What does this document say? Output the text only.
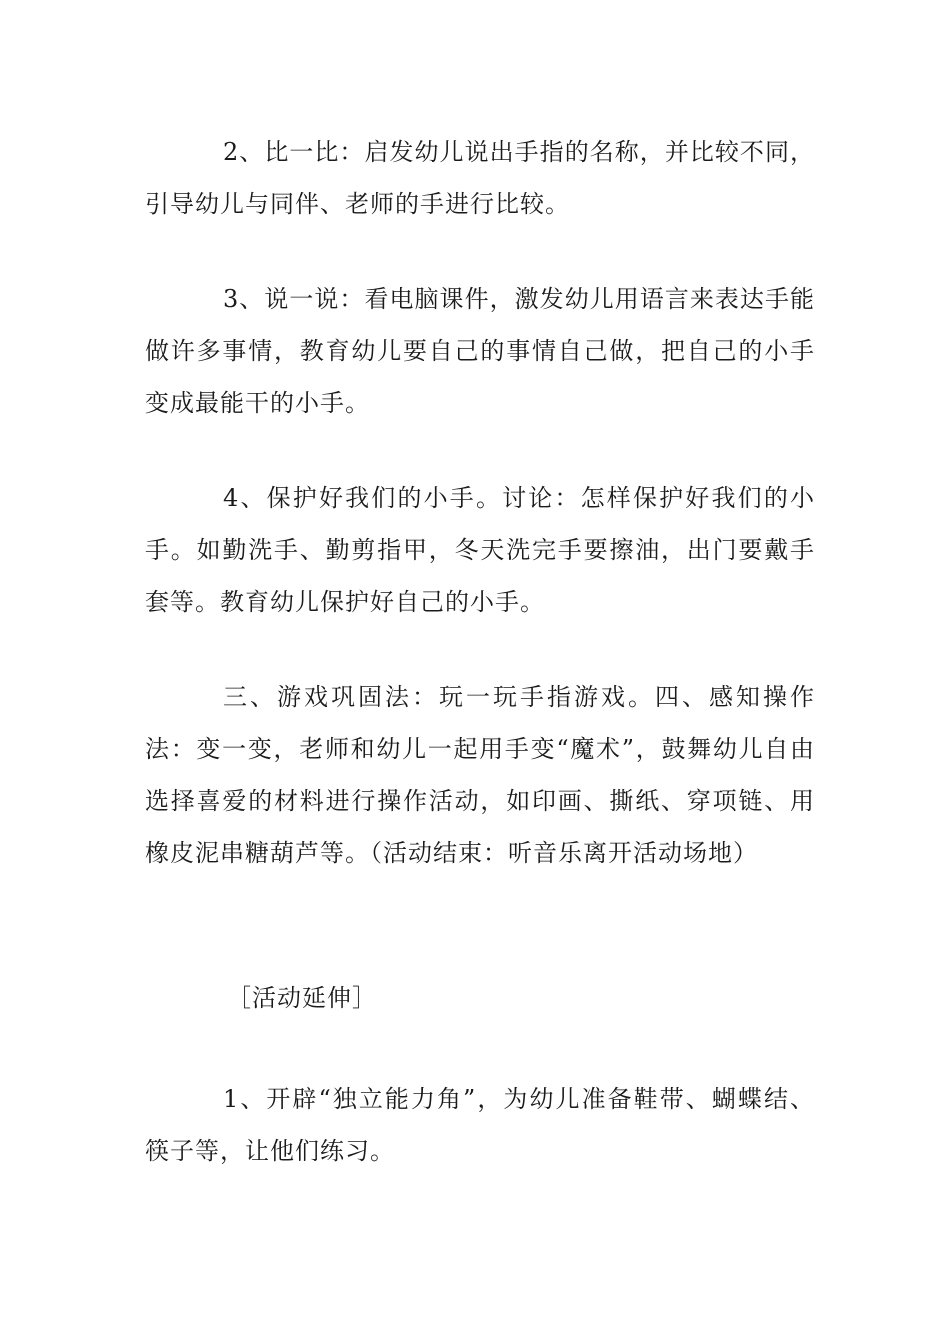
2、比一比：启发幼儿说出手指的名称，并比较不同，引导幼儿与同伴、老师的手进行比较。

3、说一说：看电脑课件，激发幼儿用语言来表达手能做许多事情，教育幼儿要自己的事情自己做，把自己的小手变成最能干的小手。

4、保护好我们的小手。讨论：怎样保护好我们的小手。如勤洗手、勤剪指甲，冬天洗完手要擦油，出门要戴手套等。教育幼儿保护好自己的小手。

三、游戏巩固法：玩一玩手指游戏。四、感知操作法：变一变，老师和幼儿一起用手变“魔术”，鼓舞幼儿自由选择喜爱的材料进行操作活动，如印画、撕纸、穿项链、用橡皮泥串糖葫芦等。（活动结束：听音乐离开活动场地）

［活动延伸］

1、开辟“独立能力角”，为幼儿准备鞋带、蝴蝶结、筷子等，让他们练习。
